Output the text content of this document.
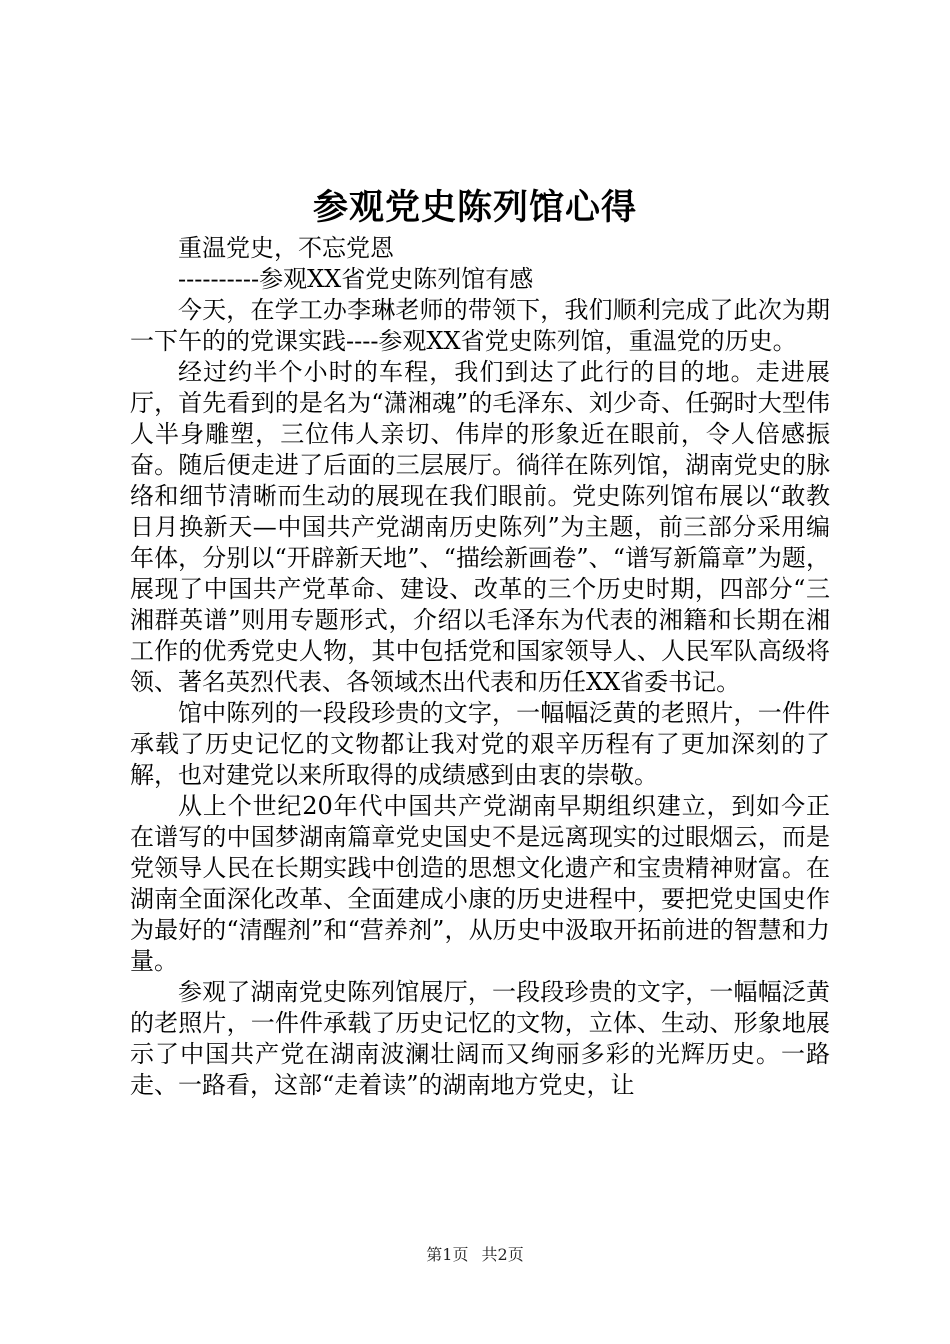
参观党史陈列馆心得

重温党史，不忘党恩

----------参观XX省党史陈列馆有感

今天，在学工办李琳老师的带领下，我们顺利完成了此次为期一下午的的党课实践----参观XX省党史陈列馆，重温党的历史。

经过约半个小时的车程，我们到达了此行的目的地。走进展厅，首先看到的是名为“潇湘魂”的毛泽东、刘少奇、任弼时大型伟人半身雕塑，三位伟人亲切、伟岸的形象近在眼前，令人倍感振奋。随后便走进了后面的三层展厅。徜徉在陈列馆，湖南党史的脉络和细节清晰而生动的展现在我们眼前。党史陈列馆布展以“敢教日月换新天—中国共产党湖南历史陈列”为主题，前三部分采用编年体，分别以“开辟新天地”、“描绘新画卷”、“谱写新篇章”为题，展现了中国共产党革命、建设、改革的三个历史时期，四部分“三湘群英谱”则用专题形式，介绍以毛泽东为代表的湘籍和长期在湘工作的优秀党史人物，其中包括党和国家领导人、人民军队高级将领、著名英烈代表、各领域杰出代表和历任XX省委书记。

馆中陈列的一段段珍贵的文字，一幅幅泛黄的老照片，一件件承载了历史记忆的文物都让我对党的艰辛历程有了更加深刻的了解，也对建党以来所取得的成绩感到由衷的崇敬。

从上个世纪20年代中国共产党湖南早期组织建立，到如今正在谱写的中国梦湖南篇章党史国史不是远离现实的过眼烟云，而是党领导人民在长期实践中创造的思想文化遗产和宝贵精神财富。在湖南全面深化改革、全面建成小康的历史进程中，要把党史国史作为最好的“清醒剂”和“营养剂”，从历史中汲取开拓前进的智慧和力量。

参观了湖南党史陈列馆展厅，一段段珍贵的文字，一幅幅泛黄的老照片，一件件承载了历史记忆的文物，立体、生动、形象地展示了中国共产党在湖南波澜壮阔而又绚丽多彩的光辉历史。一路走、一路看，这部“走着读”的湖南地方党史，让

第1页 共2页
